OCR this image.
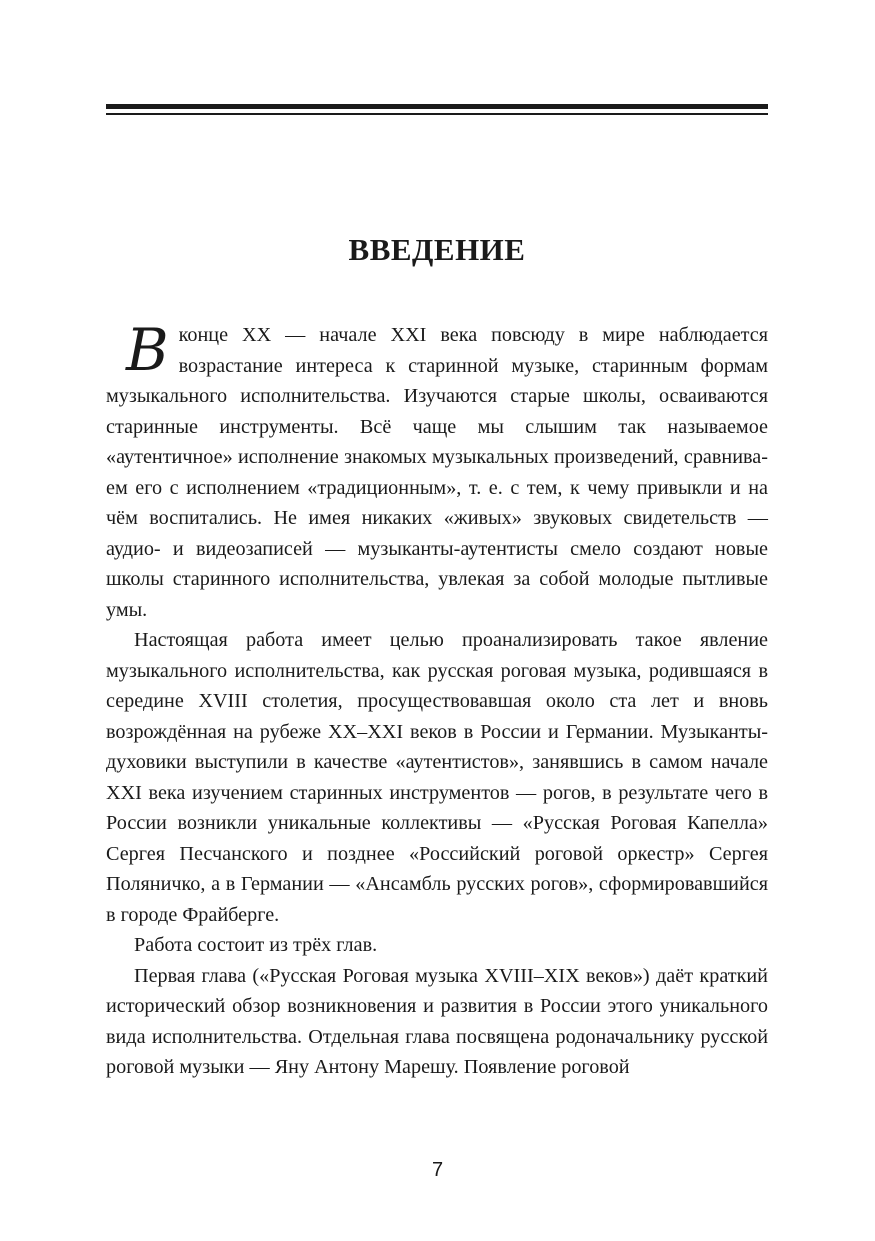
ВВЕДЕНИЕ

Вконце XX — начале XXI века повсюду в мире наблюдается возрастание интереса к старинной музыке, старинным формам музыкального исполнительства. Изучаются старые школы, осваиваются старинные инструменты. Всё чаще мы слышим так называемое «аутентичное» исполнение знакомых музыкальных произведений, сравниваем его с исполнением «традиционным», т. е. с тем, к чему привыкли и на чём воспитались. Не имея никаких «живых» звуковых свидетельств — аудио- и видеозаписей — музыканты-аутентисты смело создают новые школы старинного исполнительства, увлекая за собой молодые пытливые умы.

Настоящая работа имеет целью проанализировать такое явление музыкального исполнительства, как русская роговая музыка, родившаяся в середине XVIII столетия, просуществовавшая около ста лет и вновь возрождённая на рубеже XX–XXI веков в России и Германии. Музыканты-духовики выступили в качестве «аутентистов», занявшись в самом начале XXI века изучением старинных инструментов — рогов, в результате чего в России возникли уникальные коллективы — «Русская Роговая Капелла» Сергея Песчанского и позднее «Российский роговой оркестр» Сергея Поляничко, а в Германии — «Ансамбль русских рогов», сформировавшийся в городе Фрайберге.

Работа состоит из трёх глав.

Первая глава («Русская Роговая музыка XVIII–XIX веков») даёт краткий исторический обзор возникновения и развития в России этого уникального вида исполнительства. Отдельная глава посвящена родоначальнику русской роговой музыки — Яну Антону Марешу. Появление роговой

7
